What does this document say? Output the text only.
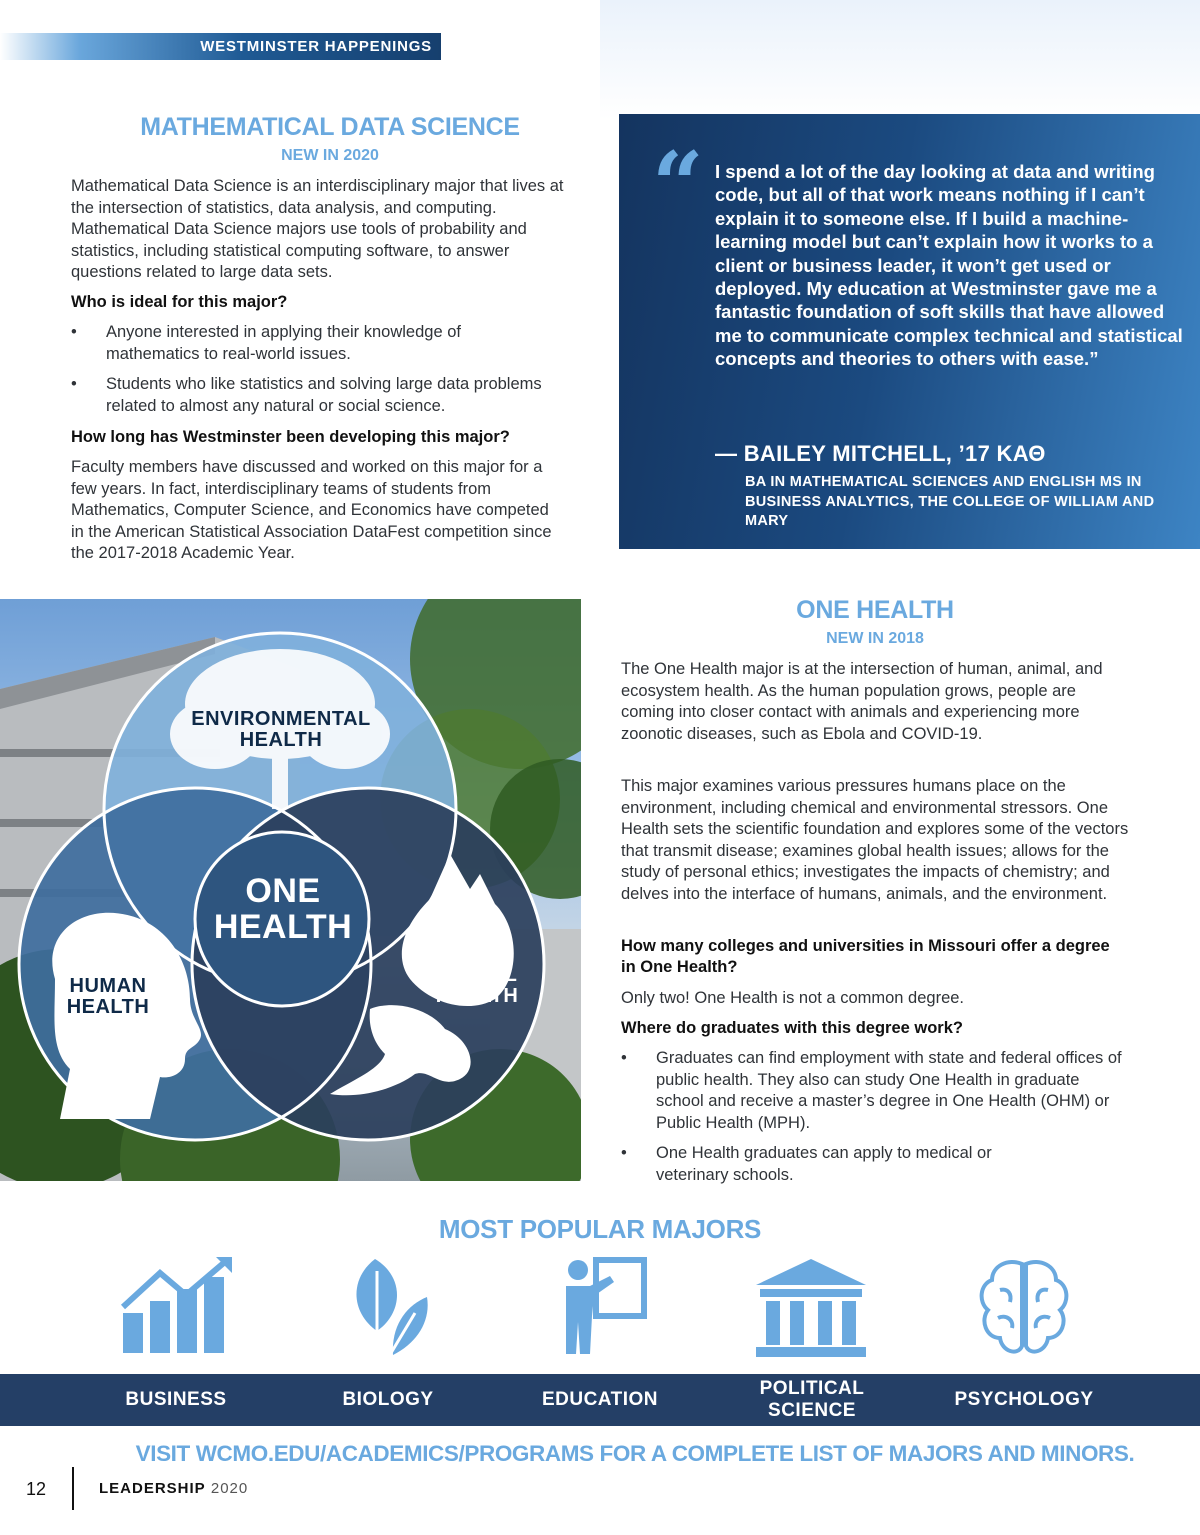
WESTMINSTER HAPPENINGS
MATHEMATICAL DATA SCIENCE
NEW IN 2020
Mathematical Data Science is an interdisciplinary major that lives at the intersection of statistics, data analysis, and computing. Mathematical Data Science majors use tools of probability and statistics, including statistical computing software, to answer questions related to large data sets.
Who is ideal for this major?
• Anyone interested in applying their knowledge of mathematics to real-world issues.
• Students who like statistics and solving large data problems related to almost any natural or social science.
How long has Westminster been developing this major?
Faculty members have discussed and worked on this major for a few years. In fact, interdisciplinary teams of students from Mathematics, Computer Science, and Economics have competed in the American Statistical Association DataFest competition since the 2017-2018 Academic Year.
“ I spend a lot of the day looking at data and writing code, but all of that work means nothing if I can’t explain it to someone else. If I build a machine-learning model but can’t explain how it works to a client or business leader, it won’t get used or deployed. My education at Westminster gave me a fantastic foundation of soft skills that have allowed me to communicate complex technical and statistical concepts and theories to others with ease.”
— BAILEY MITCHELL, ’17 ΚΑΘ
BA IN MATHEMATICAL SCIENCES AND ENGLISH MS IN BUSINESS ANALYTICS, THE COLLEGE OF WILLIAM AND MARY
ENVIRONMENTAL
HEALTH
ONE
HEALTH
HUMAN
HEALTH
ANIMAL
HEALTH
ONE HEALTH
NEW IN 2018
The One Health major is at the intersection of human, animal, and ecosystem health. As the human population grows, people are coming into closer contact with animals and experiencing more zoonotic diseases, such as Ebola and COVID-19.
This major examines various pressures humans place on the environment, including chemical and environmental stressors. One Health sets the scientific foundation and explores some of the vectors that transmit disease; examines global health issues; allows for the study of personal ethics; investigates the impacts of chemistry; and delves into the interface of humans, animals, and the environment.
How many colleges and universities in Missouri offer a degree in One Health?
Only two! One Health is not a common degree.
Where do graduates with this degree work?
• Graduates can find employment with state and federal offices of public health. They also can study One Health in graduate school and receive a master’s degree in One Health (OHM) or Public Health (MPH).
• One Health graduates can apply to medical or veterinary schools.
MOST POPULAR MAJORS
BUSINESS	BIOLOGY	EDUCATION
POLITICAL SCIENCE
PSYCHOLOGY
VISIT WCMO.EDU/ACADEMICS/PROGRAMS FOR A COMPLETE LIST OF MAJORS AND MINORS.
12	LEADERSHIP 2020
